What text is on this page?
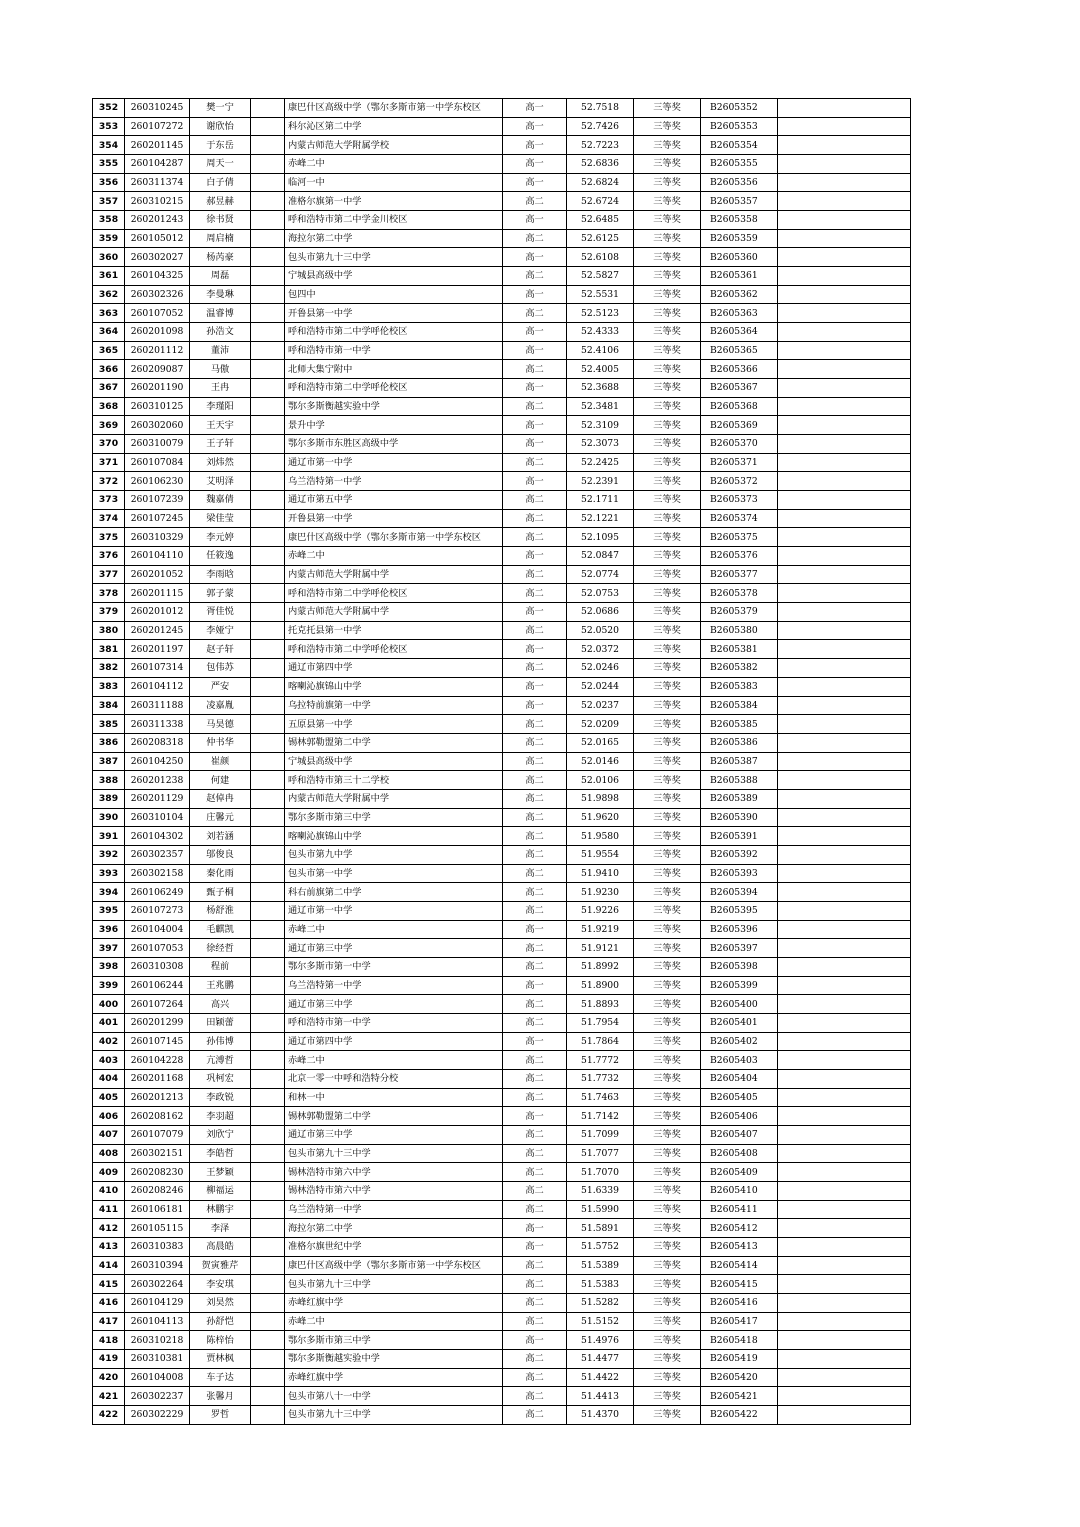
352	260310245	樊一宁		康巴什区高级中学（鄂尔多斯市第一中学东校区	高一	52.7518	三等奖	B2605352	
353	260107272	谢欣怡		科尔沁区第二中学	高一	52.7426	三等奖	B2605353	
354	260201145	于东岳		内蒙古师范大学附属学校	高一	52.7223	三等奖	B2605354	
355	260104287	周天一		赤峰二中	高一	52.6836	三等奖	B2605355	
356	260311374	白子倩		临河一中	高一	52.6824	三等奖	B2605356	
357	260310215	郝昱赫		准格尔旗第一中学	高二	52.6724	三等奖	B2605357	
358	260201243	徐书贤		呼和浩特市第二中学金川校区	高一	52.6485	三等奖	B2605358	
359	260105012	周启楠		海拉尔第二中学	高二	52.6125	三等奖	B2605359	
360	260302027	杨芮豪		包头市第九十三中学	高一	52.6108	三等奖	B2605360	
361	260104325	周磊		宁城县高级中学	高二	52.5827	三等奖	B2605361	
362	260302326	李曼琳		包四中	高一	52.5531	三等奖	B2605362	
363	260107052	温睿博		开鲁县第一中学	高二	52.5123	三等奖	B2605363	
364	260201098	孙浩文		呼和浩特市第二中学呼伦校区	高一	52.4333	三等奖	B2605364	
365	260201112	董沛		呼和浩特市第一中学	高一	52.4106	三等奖	B2605365	
366	260209087	马傲		北师大集宁附中	高二	52.4005	三等奖	B2605366	
367	260201190	王冉		呼和浩特市第二中学呼伦校区	高一	52.3688	三等奖	B2605367	
368	260310125	李瑾阳		鄂尔多斯衡越实验中学	高二	52.3481	三等奖	B2605368	
369	260302060	王天宇		景升中学	高一	52.3109	三等奖	B2605369	
370	260310079	王子轩		鄂尔多斯市东胜区高级中学	高一	52.3073	三等奖	B2605370	
371	260107084	刘炜然		通辽市第一中学	高二	52.2425	三等奖	B2605371	
372	260106230	艾明泽		乌兰浩特第一中学	高一	52.2391	三等奖	B2605372	
373	260107239	魏嘉倩		通辽市第五中学	高二	52.1711	三等奖	B2605373	
374	260107245	梁佳莹		开鲁县第一中学	高二	52.1221	三等奖	B2605374	
375	260310329	李元婷		康巴什区高级中学（鄂尔多斯市第一中学东校区	高二	52.1095	三等奖	B2605375	
376	260104110	任筱逸		赤峰二中	高一	52.0847	三等奖	B2605376	
377	260201052	李雨晗		内蒙古师范大学附属中学	高二	52.0774	三等奖	B2605377	
378	260201115	郭子蒙		呼和浩特市第二中学呼伦校区	高二	52.0753	三等奖	B2605378	
379	260201012	胥佳悦		内蒙古师范大学附属中学	高一	52.0686	三等奖	B2605379	
380	260201245	李娅宁		托克托县第一中学	高二	52.0520	三等奖	B2605380	
381	260201197	赵子轩		呼和浩特市第二中学呼伦校区	高一	52.0372	三等奖	B2605381	
382	260107314	包伟苏		通辽市第四中学	高二	52.0246	三等奖	B2605382	
383	260104112	严安		喀喇沁旗锦山中学	高一	52.0244	三等奖	B2605383	
384	260311188	凌嘉胤		乌拉特前旗第一中学	高一	52.0237	三等奖	B2605384	
385	260311338	马昊德		五原县第一中学	高二	52.0209	三等奖	B2605385	
386	260208318	仲书华		锡林郭勒盟第二中学	高二	52.0165	三等奖	B2605386	
387	260104250	崔颜		宁城县高级中学	高二	52.0146	三等奖	B2605387	
388	260201238	何建		呼和浩特市第三十二学校	高二	52.0106	三等奖	B2605388	
389	260201129	赵倬冉		内蒙古师范大学附属中学	高二	51.9898	三等奖	B2605389	
390	260310104	庄馨元		鄂尔多斯市第三中学	高二	51.9620	三等奖	B2605390	
391	260104302	刘若涵		喀喇沁旗锦山中学	高二	51.9580	三等奖	B2605391	
392	260302357	邬俊良		包头市第九中学	高二	51.9554	三等奖	B2605392	
393	260302158	秦化雨		包头市第一中学	高二	51.9410	三等奖	B2605393	
394	260106249	甄子桐		科右前旗第二中学	高二	51.9230	三等奖	B2605394	
395	260107273	杨舒淮		通辽市第一中学	高二	51.9226	三等奖	B2605395	
396	260104004	毛麒凯		赤峰二中	高一	51.9219	三等奖	B2605396	
397	260107053	徐经哲		通辽市第三中学	高二	51.9121	三等奖	B2605397	
398	260310308	程前		鄂尔多斯市第一中学	高二	51.8992	三等奖	B2605398	
399	260106244	王兆鹏		乌兰浩特第一中学	高一	51.8900	三等奖	B2605399	
400	260107264	高兴		通辽市第三中学	高二	51.8893	三等奖	B2605400	
401	260201299	田颖蕾		呼和浩特市第一中学	高二	51.7954	三等奖	B2605401	
402	260107145	孙伟博		通辽市第四中学	高一	51.7864	三等奖	B2605402	
403	260104228	亢溥哲		赤峰二中	高二	51.7772	三等奖	B2605403	
404	260201168	巩柯宏		北京一零一中呼和浩特分校	高二	51.7732	三等奖	B2605404	
405	260201213	李政锐		和林一中	高二	51.7463	三等奖	B2605405	
406	260208162	李羽超		锡林郭勒盟第二中学	高一	51.7142	三等奖	B2605406	
407	260107079	刘欣宁		通辽市第三中学	高二	51.7099	三等奖	B2605407	
408	260302151	李皓哲		包头市第九十三中学	高二	51.7077	三等奖	B2605408	
409	260208230	王梦颖		锡林浩特市第六中学	高二	51.7070	三等奖	B2605409	
410	260208246	柳福运		锡林浩特市第六中学	高二	51.6339	三等奖	B2605410	
411	260106181	林鹏宇		乌兰浩特第一中学	高二	51.5990	三等奖	B2605411	
412	260105115	李泽		海拉尔第二中学	高一	51.5891	三等奖	B2605412	
413	260310383	高晨皓		准格尔旗世纪中学	高一	51.5752	三等奖	B2605413	
414	260310394	贺寅雅芹		康巴什区高级中学（鄂尔多斯市第一中学东校区	高二	51.5389	三等奖	B2605414	
415	260302264	李安琪		包头市第九十三中学	高二	51.5383	三等奖	B2605415	
416	260104129	刘昊然		赤峰红旗中学	高二	51.5282	三等奖	B2605416	
417	260104113	孙舒恺		赤峰二中	高二	51.5152	三等奖	B2605417	
418	260310218	陈梓怡		鄂尔多斯市第三中学	高一	51.4976	三等奖	B2605418	
419	260310381	贾林枫		鄂尔多斯衡越实验中学	高二	51.4477	三等奖	B2605419	
420	260104008	车子达		赤峰红旗中学	高二	51.4422	三等奖	B2605420	
421	260302237	张馨月		包头市第八十一中学	高二	51.4413	三等奖	B2605421	
422	260302229	罗哲		包头市第九十三中学	高二	51.4370	三等奖	B2605422	
